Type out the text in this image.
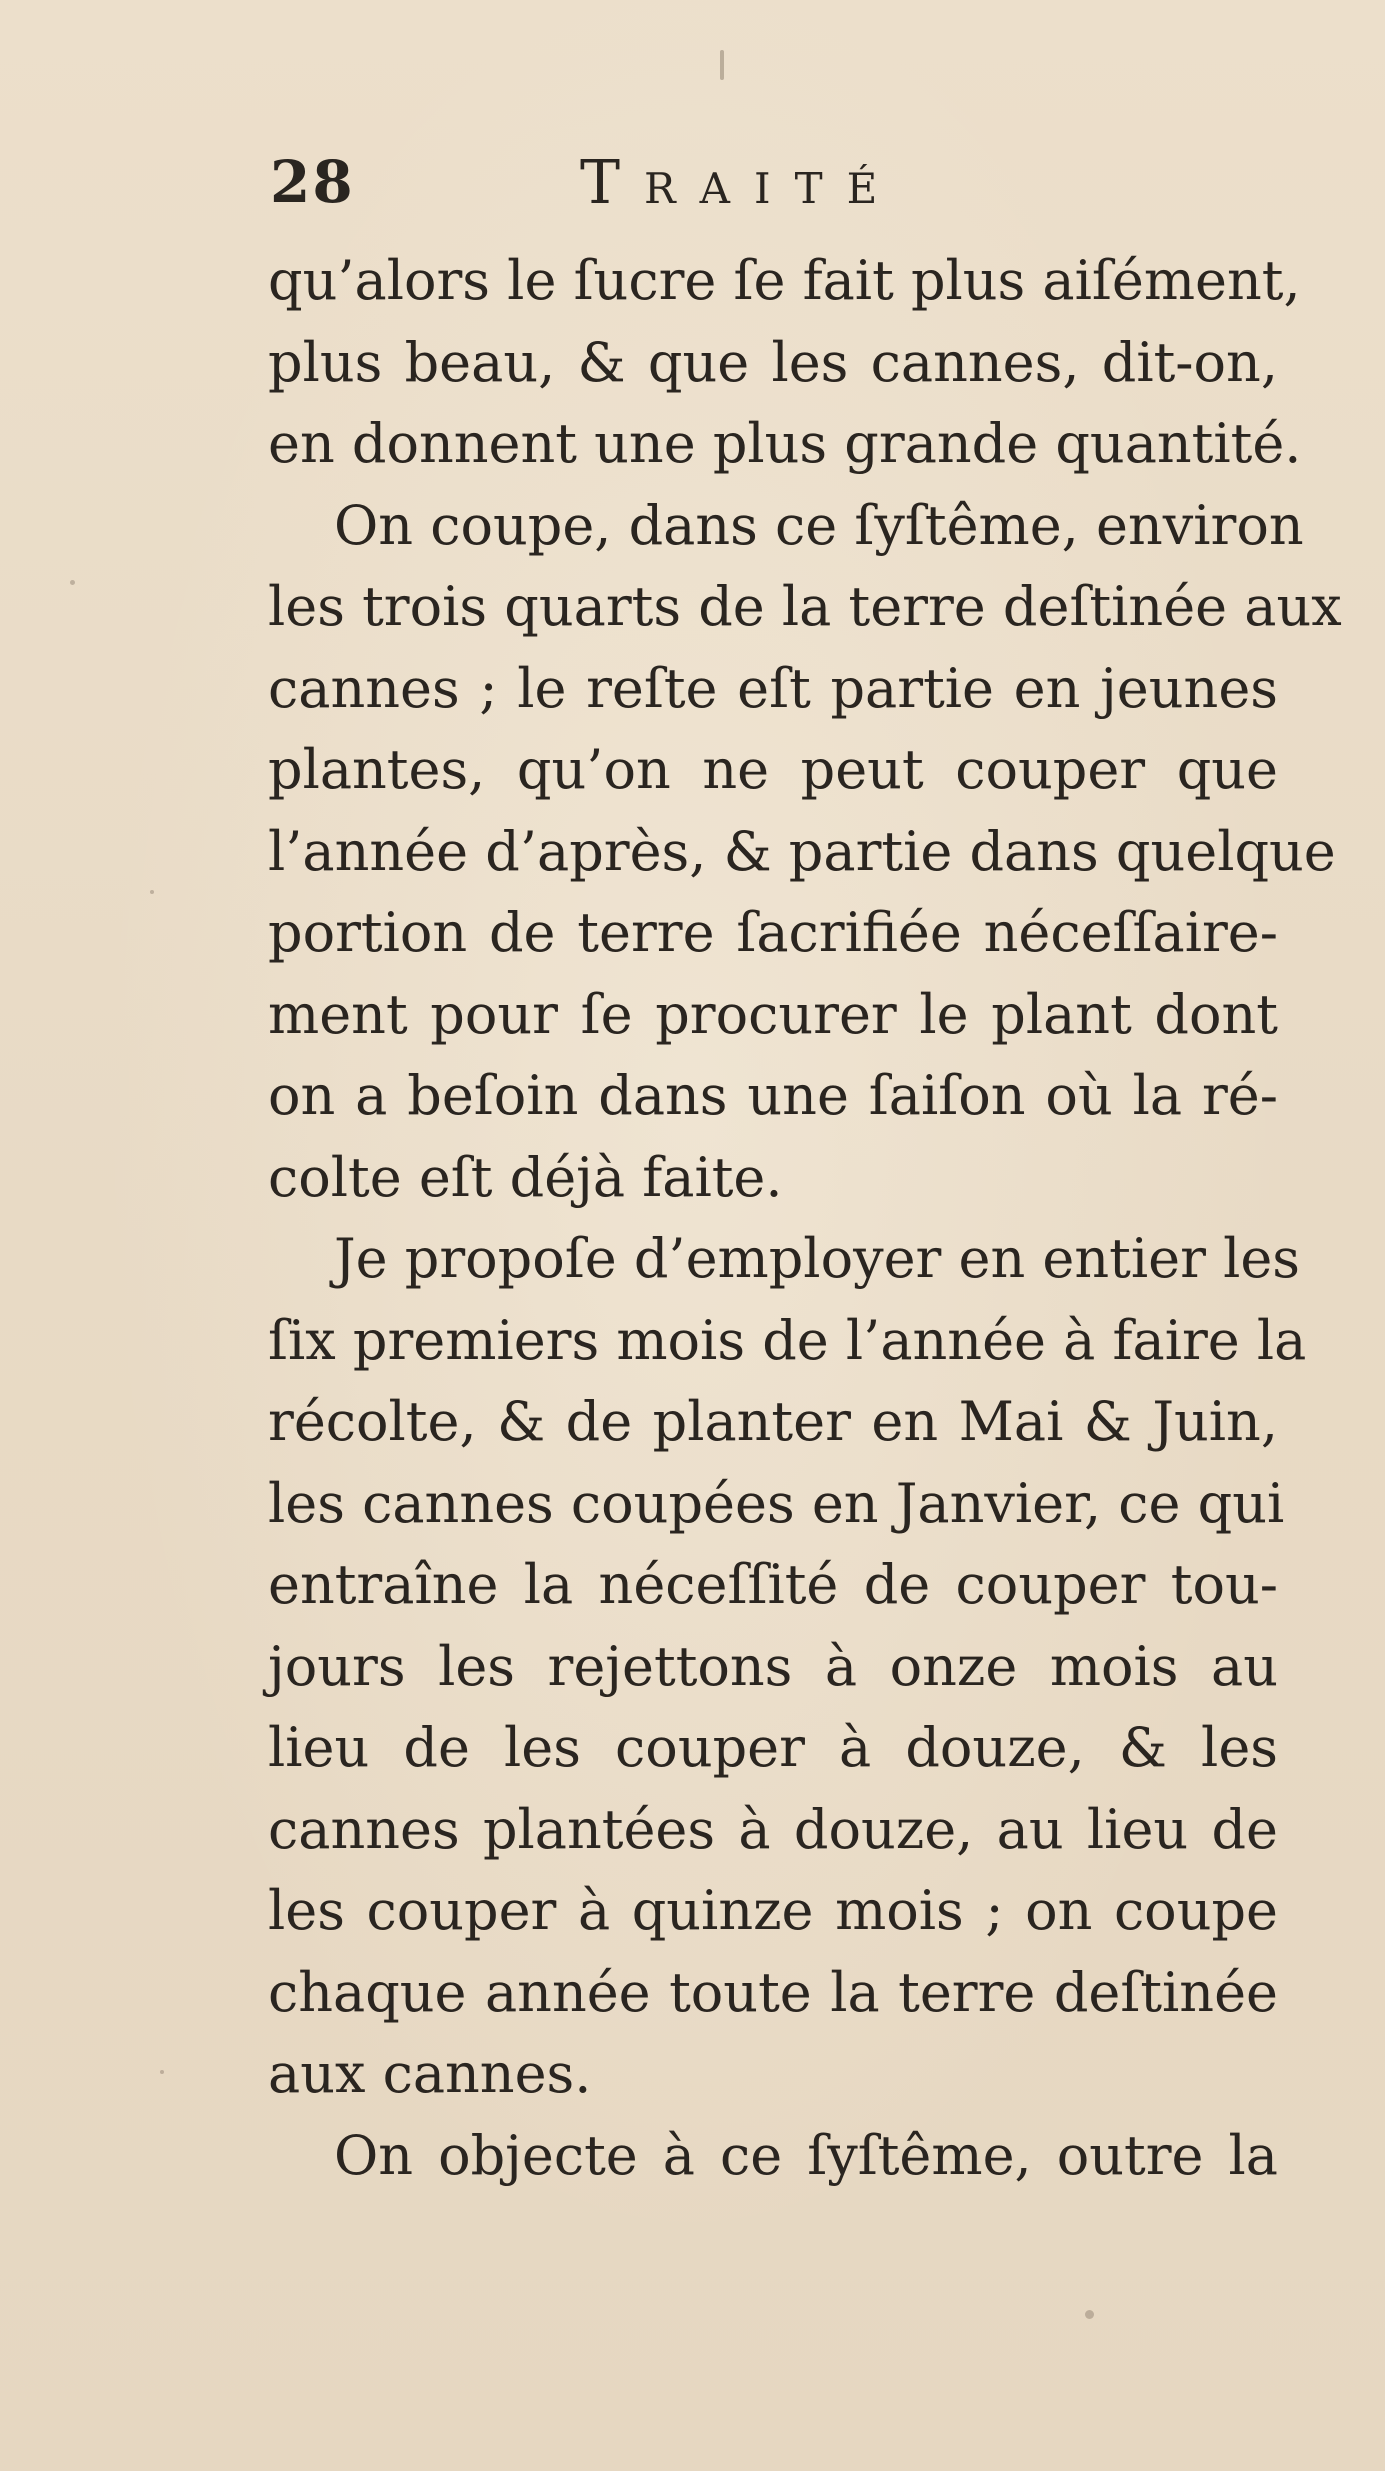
28	Traité
qu’alors le ſucre ſe fait plus aiſément,
plus beau, & que les cannes, dit-on,
en donnent une plus grande quantité.
On coupe, dans ce ſyſtême, environ
les trois quarts de la terre deſtinée aux
cannes ; le reſte eſt partie en jeunes
plantes, qu’on ne peut couper que
l’année d’après, & partie dans quelque
portion de terre ſacrifiée néceſſaire-
ment pour ſe procurer le plant dont
on a beſoin dans une ſaiſon où la ré-
colte eſt déjà faite.
Je propoſe d’employer en entier les
ſix premiers mois de l’année à faire la
récolte, & de planter en Mai & Juin,
les cannes coupées en Janvier, ce qui
entraîne la néceſſité de couper tou-
jours les rejettons à onze mois au
lieu de les couper à douze, & les
cannes plantées à douze, au lieu de
les couper à quinze mois ; on coupe
chaque année toute la terre deſtinée
aux cannes.
On objecte à ce ſyſtême, outre la
